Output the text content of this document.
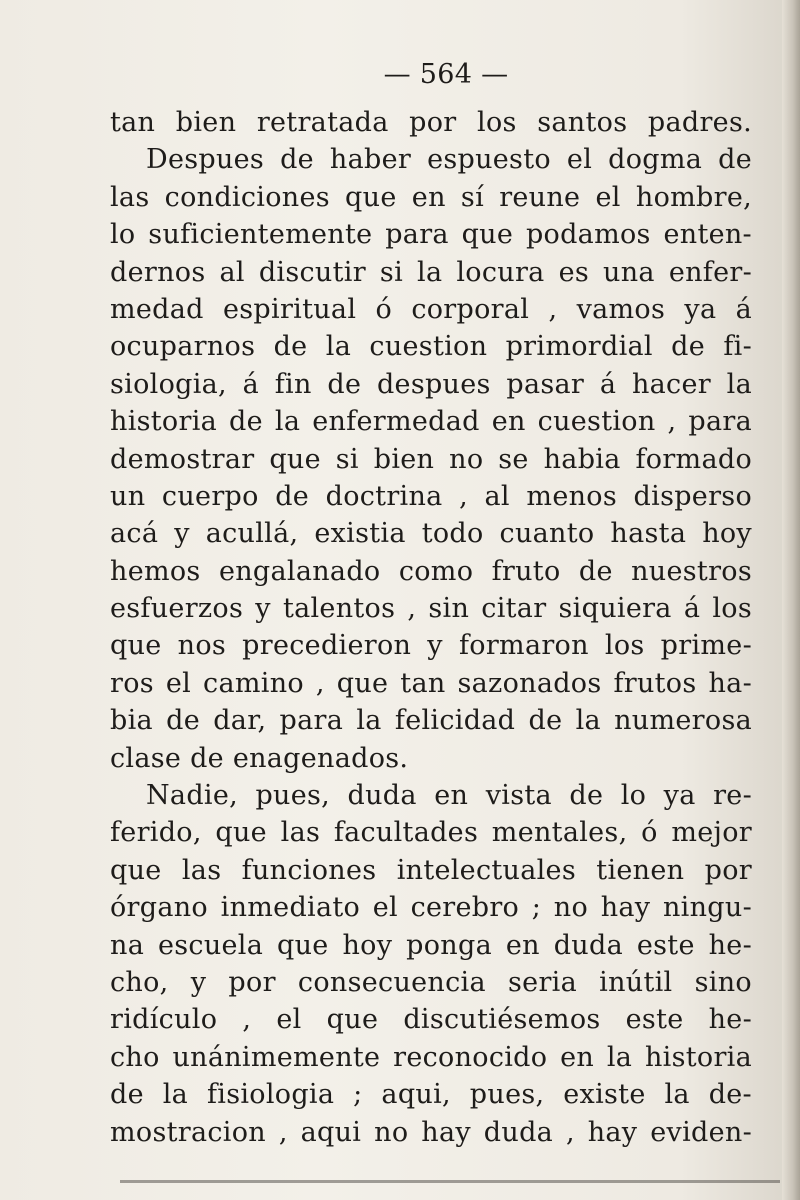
— 564 —
tan bien retratada por los santos padres.
Despues de haber espuesto el dogma de
las condiciones que en sí reune el hombre,
lo suficientemente para que podamos enten-
dernos al discutir si la locura es una enfer-
medad espiritual ó corporal , vamos ya á
ocuparnos de la cuestion primordial de fi-
siologia, á fin de despues pasar á hacer la
historia de la enfermedad en cuestion , para
demostrar que si bien no se habia formado
un cuerpo de doctrina , al menos disperso
acá y acullá, existia todo cuanto hasta hoy
hemos engalanado como fruto de nuestros
esfuerzos y talentos , sin citar siquiera á los
que nos precedieron y formaron los prime-
ros el camino , que tan sazonados frutos ha-
bia de dar, para la felicidad de la numerosa
clase de enagenados.
Nadie, pues, duda en vista de lo ya re-
ferido, que las facultades mentales, ó mejor
que las funciones intelectuales tienen por
órgano inmediato el cerebro ; no hay ningu-
na escuela que hoy ponga en duda este he-
cho, y por consecuencia seria inútil sino
ridículo , el que discutiésemos este he-
cho unánimemente reconocido en la historia
de la fisiologia ; aqui, pues, existe la de-
mostracion , aqui no hay duda , hay eviden-
